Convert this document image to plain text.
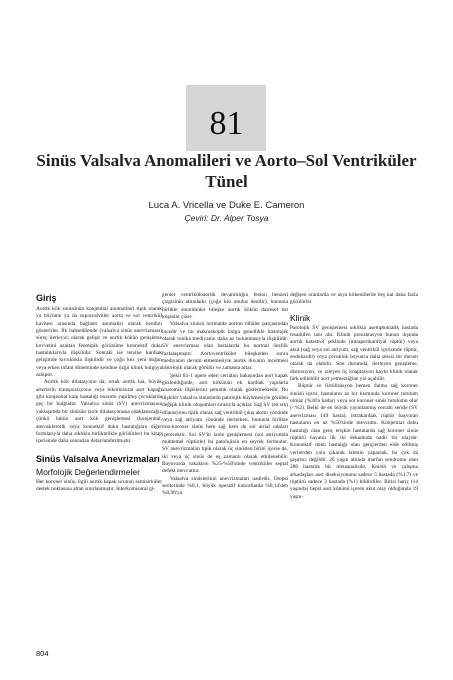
81
Sinüs Valsalva Anomalileri ve Aorto–Sol Ventriküler Tünel
Luca A. Vricella ve Duke E. Cameron
Çeviri: Dr. Alper Tosya
Giriş

Aortik kök sinüsünün konjenital anomalileri tipik olarak ya büyüme ya da supravalvüler aorta ve sol ventrikül kavitesi arasında bağlantı anomalisi olarak kendini gösterirler. İlk bahsedilende (valsalva sinüs anevrizması) süreç ilerleyici olarak gelişir ve aortik kökün genişleme kuvvetini azaltan fenotipik görünüme konnektif doku hastalıklarıyla ilişkilidir. Sonraki ise tersine kardiak gelişimde kıvrıklıkla ilişkilidir ve çoğu kez yeni doğan veya erken infant döneminde kendine özgü klinik bulguya sahiptir.

Aortik kök dilatasyonu da; ortak aortik hat, büyük arterlerin transpozisyonu veya bikomisural aort kapağı gibi konjenital kalp hastalığı onarımı yapılmış çocuklarda geç bir bulgudur. Valsalva sinüs (SV) anevrizmasına yaklaşımda bir sinüsün izole dilatasyonuna odaklanacağız çünkü bütün aort kök genişlemesi (konjenital, aterosklerotik veya konnektif doku hastalığının diğer formlarıyla daha sıklıkla birliktelikle görülürler) bu kitap içerisinde daha sonradan detaylandırılmıştır.

Sinüs Valsalva Anevrizmaları
Morfolojik Değerlendirmeler

Her koroner sinüs, ilgili aortik kapak ucunun semisirküler destek noktasına altan sınırlanmıştır. İnterkomisural gi-

genler ventriküloaortik devamlılığın fesion benzeri çizgisinin altındadır (çoğu kez anulus denilir), bununla birlikte sinotübüler bileşke aortik kökün dairesel üst köşesini çizer.

Valsalva sinüsü normalde aortun tübüler parçasından incedir ve bu makroskopik bulgu genellikle histolojik olarak tunika mediyanın daha az bulunmasıyla ilişkilidir. SV anevrizması olan hastalarda bu normal öezllik fazlalaşmıştır. Aortoventriküler bileşkeden sonra mediyanın devam etmemesiyle aortik duvarın incelmesi histolojik olarak görülür ve zamanla artar.

Şekil 81-1 opere eden cerrahın bakışından aort kapak gözlendiğinde, aort kökünün ek kardiak yapılarla anatomik ilişkilerini şematik olarak göstermektedir. Bu ilişkiler valsalva sinüsünün patolojik büyümesiyle görülen değişik klinik oluşumları sırasıyla açıklar. Sağ SV (en sık) dilatasyonu tipik olarak sağ ventrikül çıkış akımı yönünde veya sağ atriyum yönünde ilerlerken, bununla birlikte non-koroner sinüs hem sağ hem de sol atrial odaları içerecektir. Sol SV'in izole genişlemesi (sol atriyumda muhtemel rüptürle) bu patolojinin en seyrek formudur. SV anevrizmaları tipik olarak üç sinüsten birini içerse de, iki veya üç sinüs de eş zamanlı olarak etkilenebilir. Bayovarda vakaların %25-%50'sinde ventriküler septal defekt mevcuttur.

Valsalva sinüslerinin anevrizmaları nadirdir. Otopsi serilerinde %0,1, büyük operatif kohortlarda %0,14'den %0,96'ya

değişen oranlarda ve asya kökenlilerde beş kat daha fazla görülürler.

Klinik

Patolojik SV genişlemesi sıklıkla asemptomatik hastada tesadüfen tanı alır. Klinik prezantasyon bunun dışında aortik katastrof şeklinde (intraperikardiyal rüptür) veya akut (sağ veya sol atriyum, sağ ventrikül içerisinde rüptür, endokardit) veya çocukluk boyunca daha sessiz bir durum olarak da olabilir. Son durumda, ilerleyen genişleme, distorsiyon, ve izleyen üç koaptasyon kaybı klinik olarak fark edilebilir aort yetmezliğine yol açabilir.

Rüptür ve fistülizasyon hemen daima sağ koroner sinüsü içerir, hastaların az bir kısmında koroner tutulum olmaz (%30'a kadar) veya sol koroner sinüs tutulumu olur (<%2). Belki de en büyük yayınlanmış cerrahi seride (SV anevrizması 149 hasta), intrakardiak rüptür başvuran hastaların en az %50'sinde mevcuttu. Konjenital doku hastalığı olan genç erişkin hastalarda sağ koroner sinüs rüptürü hayatın ilk iki dekadında nadir bir olaydır. Konnektif doku hastalığı olan gençlerden elde edilmiş verilerden yola çıkarak tahmin yaparsak, bu çok da şaşırtıcı değildir. 20 yaşın altında marfan sendromu olan 286 hastalık bir metaanalizde, Knirsh ve çalışma arkadaşları aort diseksiyonunu sadece 5 hastada (%1,7) ve rüptürü sadece 3 hastada (%1) bildirdiler. Birisi hariç (14 yaşında) hepsi aort kökünü içeren akut olay olduğunda 19 yaşın-

804
